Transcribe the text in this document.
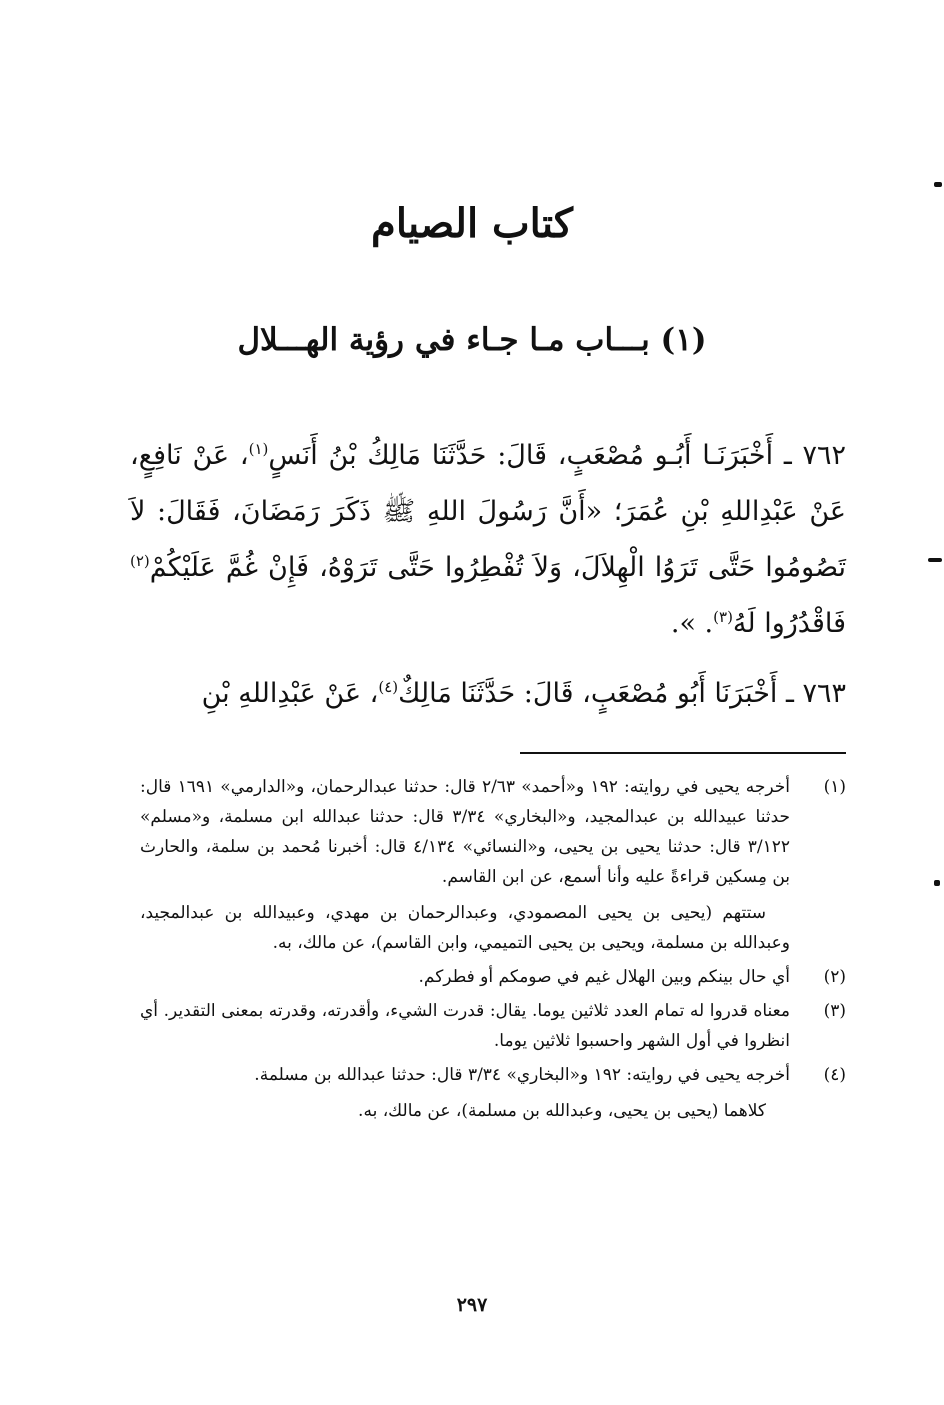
كتاب الصيام
(١) بـــاب مـا جـاء في رؤية الهـــلال

٧٦٢ ـ أَخْبَرَنَـا أَبُـو مُصْعَبٍ، قَالَ: حَدَّثَنَا مَالِكُ بْنُ أَنَسٍ$^{(١)}$، عَنْ نَافِعٍ، عَنْ عَبْدِاللهِ بْنِ عُمَرَ؛ «أَنَّ رَسُولَ اللهِ ﷺ ذَكَرَ رَمَضَانَ، فَقَالَ: لاَ تَصُومُوا حَتَّى تَرَوُا الْهِلاَلَ، وَلاَ تُفْطِرُوا حَتَّى تَرَوْهُ، فَإِنْ غُمَّ عَلَيْكُمْ$^{(٢)}$ فَاقْدُرُوا لَهُ$^{(٣)}$. ».

٧٦٣ ـ أَخْبَرَنَا أَبُو مُصْعَبٍ، قَالَ: حَدَّثَنَا مَالِكٌ$^{(٤)}$، عَنْ عَبْدِاللهِ بْنِ

(١)

أخرجه يحيى في روايته: ١٩٢ و«أحمد» ٢/٦٣ قال: حدثنا عبدالرحمان، و«الدارمي» ١٦٩١ قال: حدثنا عبيدالله بن عبدالمجيد، و«البخاري» ٣/٣٤ قال: حدثنا عبدالله ابن مسلمة، و«مسلم» ٣/١٢٢ قال: حدثنا يحيى بن يحيى، و«النسائي» ٤/١٣٤ قال: أخبرنا مُحمد بن سلمة، والحارث بن مِسكين قراءةً عليه وأنا أسمع، عن ابن القاسم.

ستتهم (يحيى بن يحيى المصمودي، وعبدالرحمان بن مهدي، وعبيدالله بن عبدالمجيد، وعبدالله بن مسلمة، ويحيى بن يحيى التميمي، وابن القاسم)، عن مالك، به.

(٢)

أي حال بينكم وبين الهلال غيم في صومكم أو فطركم.

(٣)

معناه قدروا له تمام العدد ثلاثين يوما. يقال: قدرت الشيء، وأقدرته، وقدرته بمعنى التقدير. أي انظروا في أول الشهر واحسبوا ثلاثين يوما.

(٤)

أخرجه يحيى في روايته: ١٩٢ و«البخاري» ٣/٣٤ قال: حدثنا عبدالله بن مسلمة.

كلاهما (يحيى بن يحيى، وعبدالله بن مسلمة)، عن مالك، به.

٢٩٧
